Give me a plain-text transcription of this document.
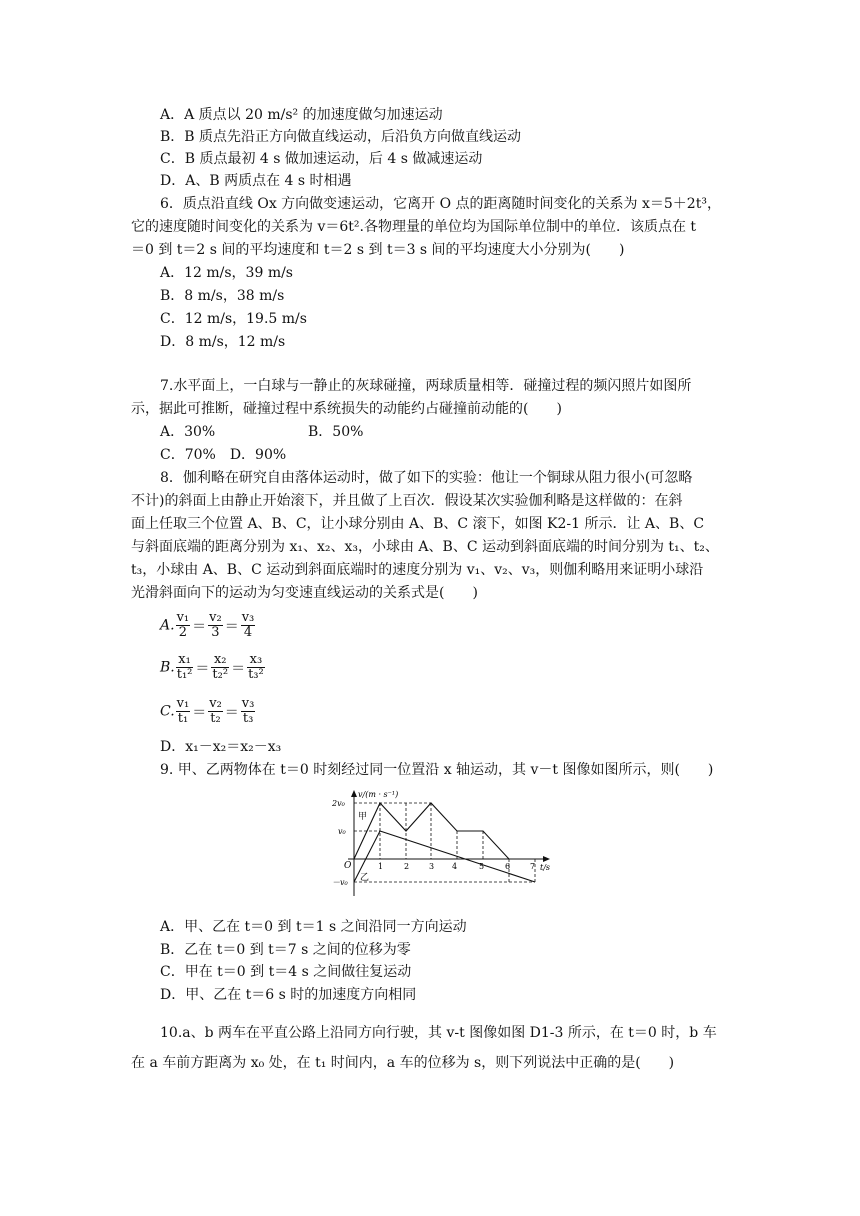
A．A 质点以 20 m/s² 的加速度做匀加速运动
B．B 质点先沿正方向做直线运动，后沿负方向做直线运动
C．B 质点最初 4 s 做加速运动，后 4 s 做减速运动
D．A、B 两质点在 4 s 时相遇
6．质点沿直线 Ox 方向做变速运动，它离开 O 点的距离随时间变化的关系为 x＝5＋2t³，
它的速度随时间变化的关系为 v＝6t².各物理量的单位均为国际单位制中的单位．该质点在 t
＝0 到 t＝2 s 间的平均速度和 t＝2 s 到 t＝3 s 间的平均速度大小分别为(　　)
A．12 m/s，39 m/s
B．8 m/s，38 m/s
C．12 m/s，19.5 m/s
D．8 m/s，12 m/s
7.水平面上，一白球与一静止的灰球碰撞，两球质量相等．碰撞过程的频闪照片如图所
示，据此可推断，碰撞过程中系统损失的动能约占碰撞前动能的(　　)
A．30%	B．50%
C．70%　D．90%
8．伽利略在研究自由落体运动时，做了如下的实验：他让一个铜球从阻力很小(可忽略
不计)的斜面上由静止开始滚下，并且做了上百次．假设某次实验伽利略是这样做的：在斜
面上任取三个位置 A、B、C，让小球分别由 A、B、C 滚下，如图 K2-1 所示．让 A、B、C
与斜面底端的距离分别为 x₁、x₂、x₃，小球由 A、B、C 运动到斜面底端的时间分别为 t₁、t₂、
t₃，小球由 A、B、C 运动到斜面底端时的速度分别为 v₁、v₂、v₃，则伽利略用来证明小球沿
光滑斜面向下的运动为匀变速直线运动的关系式是(　　)
A. $\frac{\text{v₁}}{2} = \frac{\text{v₂}}{3} = \frac{\text{v₃}}{4}$
B. $\frac{\text{x₁}}{\text{t₁²}} = \frac{\text{x₂}}{\text{t₂²}} = \frac{\text{x₃}}{\text{t₃²}}$
C. $\frac{\text{v₁}}{\text{t₁}} = \frac{\text{v₂}}{\text{t₂}} = \frac{\text{v₃}}{\text{t₃}}$
D．x₁－x₂＝x₂－x₃
9. 甲、乙两物体在 t＝0 时刻经过同一位置沿 x 轴运动，其 v－t 图像如图所示，则(　　)
v/(m · s⁻¹)
t/s
O
2v₀
v₀
－v₀
1	2 3 4	5	6 7
甲
乙
A．甲、乙在 t＝0 到 t＝1 s 之间沿同一方向运动
B．乙在 t＝0 到 t＝7 s 之间的位移为零
C．甲在 t＝0 到 t＝4 s 之间做往复运动
D．甲、乙在 t＝6 s 时的加速度方向相同
10.a、b 两车在平直公路上沿同方向行驶，其 v-t 图像如图 D1-3 所示，在 t＝0 时，b 车
在 a 车前方距离为 x₀ 处，在 t₁ 时间内，a 车的位移为 s，则下列说法中正确的是(　　)
